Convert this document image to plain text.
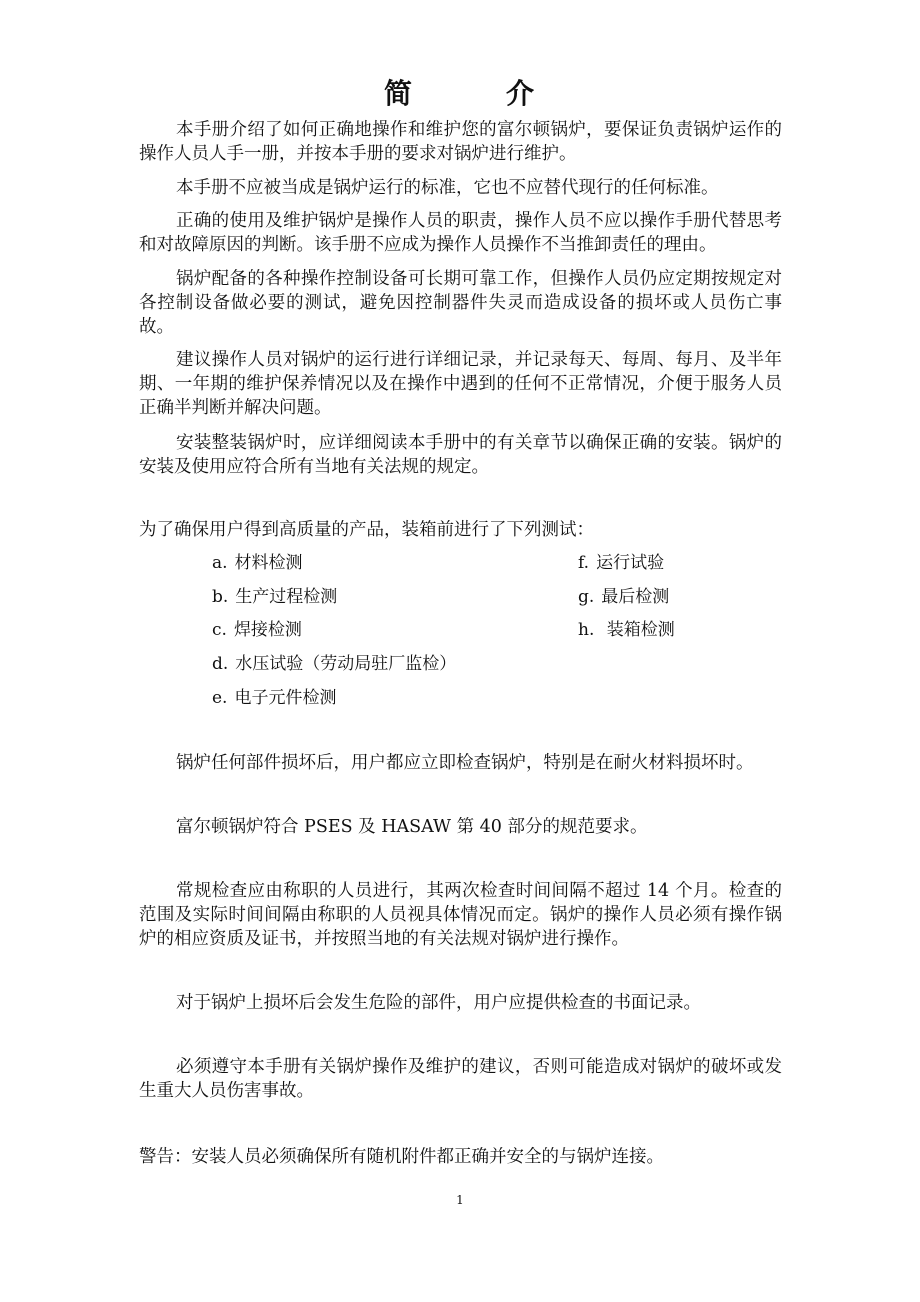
简	介

本手册介绍了如何正确地操作和维护您的富尔顿锅炉，要保证负责锅炉运作的操作人员人手一册，并按本手册的要求对锅炉进行维护。

本手册不应被当成是锅炉运行的标准，它也不应替代现行的任何标准。

正确的使用及维护锅炉是操作人员的职责，操作人员不应以操作手册代替思考和对故障原因的判断。该手册不应成为操作人员操作不当推卸责任的理由。

锅炉配备的各种操作控制设备可长期可靠工作，但操作人员仍应定期按规定对各控制设备做必要的测试，避免因控制器件失灵而造成设备的损坏或人员伤亡事故。

建议操作人员对锅炉的运行进行详细记录，并记录每天、每周、每月、及半年期、一年期的维护保养情况以及在操作中遇到的任何不正常情况，介便于服务人员正确半判断并解决问题。

安装整装锅炉时，应详细阅读本手册中的有关章节以确保正确的安装。锅炉的安装及使用应符合所有当地有关法规的规定。

为了确保用户得到高质量的产品，装箱前进行了下列测试：

a. 材料检测
b. 生产过程检测
c. 焊接检测
d. 水压试验（劳动局驻厂监检）
e. 电子元件检测
f. 运行试验
g. 最后检测
h. 装箱检测

锅炉任何部件损坏后，用户都应立即检查锅炉，特别是在耐火材料损坏时。

富尔顿锅炉符合 PSES 及 HASAW 第 40 部分的规范要求。

常规检查应由称职的人员进行，其两次检查时间间隔不超过 14 个月。检查的范围及实际时间间隔由称职的人员视具体情况而定。锅炉的操作人员必须有操作锅炉的相应资质及证书，并按照当地的有关法规对锅炉进行操作。

对于锅炉上损坏后会发生危险的部件，用户应提供检查的书面记录。

必须遵守本手册有关锅炉操作及维护的建议，否则可能造成对锅炉的破坏或发生重大人员伤害事故。

警告：安装人员必须确保所有随机附件都正确并安全的与锅炉连接。

1
